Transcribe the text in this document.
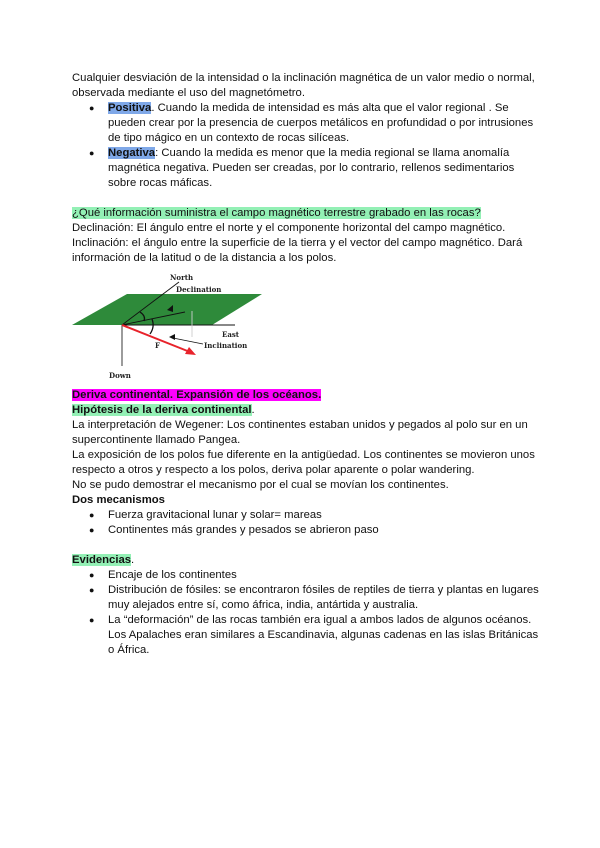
Cualquier desviación de la intensidad o la inclinación magnética de un valor medio o normal, observada mediante el uso del magnetómetro.

● Positiva. Cuando la medida de intensidad es más alta que el valor regional . Se pueden crear por la presencia de cuerpos metálicos en profundidad o por intrusiones de tipo mágico en un contexto de rocas silíceas.
● Negativa: Cuando la medida es menor que la media regional se llama anomalía magnética negativa. Pueden ser creadas, por lo contrario, rellenos sedimentarios sobre rocas máficas.

¿Qué información suministra el campo magnético terrestre grabado en las rocas?

Declinación: El ángulo entre el norte y el componente horizontal del campo magnético.

Inclinación: el ángulo entre la superficie de la tierra y el vector del campo magnético. Dará información de la latitud o de la distancia a los polos.

North
Declination
East
F	Inclination
Down

Deriva continental. Expansión de los océanos.

Hipótesis de la deriva continental.

La interpretación de Wegener: Los continentes estaban unidos y pegados al polo sur en un supercontinente llamado Pangea.

La exposición de los polos fue diferente en la antigüedad. Los continentes se movieron unos respecto a otros y respecto a los polos, deriva polar aparente o polar wandering.

No se pudo demostrar el mecanismo por el cual se movían los continentes.

Dos mecanismos

● Fuerza gravitacional lunar y solar= mareas
● Continentes más grandes y pesados se abrieron paso

Evidencias.

● Encaje de los continentes
● Distribución de fósiles: se encontraron fósiles de reptiles de tierra y plantas en lugares muy alejados entre sí, como áfrica, india, antártida y australia.
● La “deformación” de las rocas también era igual a ambos lados de algunos océanos. Los Apalaches eran similares a Escandinavia, algunas cadenas en las islas Británicas o África.
